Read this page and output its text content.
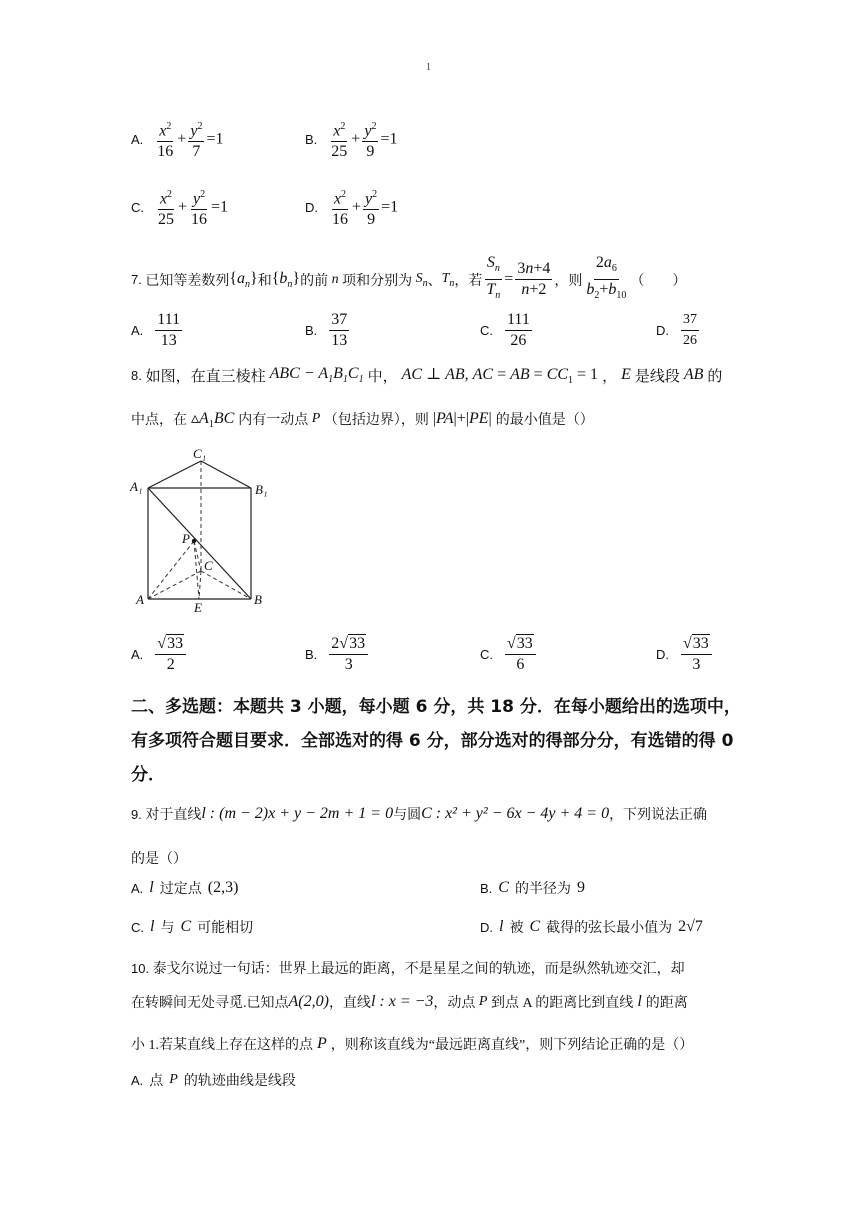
1
A. $\frac{x^2}{16} + \frac{y^2}{7} =1$	B. $\frac{x^2}{25} + \frac{y^2}{9} =1$
C. $\frac{x^2}{25} + \frac{y^2}{16} =1$	D. $\frac{x^2}{16} + \frac{y^2}{9} =1$
7.
已知等差数列 $\{a_n\}$ 和 $\{b_n\}$ 的前 n 项和分别为 $S_n$ 、 $T_n$ ，若 $\frac{S_n}{T_n} = \frac{3n+4}{n+2}$ ，则 $\frac{2a_6}{b_2+b_{10}}$ （　　）
A. $\frac{111}{13}$	B. $\frac{37}{13}$	C. $\frac{111}{26}$	D. $\frac{37}{26}$
8.
如图，在直三棱柱 ABC − $A_1B_1C_1$ 中， AC ⊥ AB, AC = AB = $CC_1 = 1$ ， E 是线段 AB 的
中点，在 $▵A_1BC$ 内有一动点 P （包括边界），则 |PA|+|PE| 的最小值是（）
C₁
A₁	B₁
P
C
A
E
B
A. $\frac{√33}{2}$	B. $\frac{2√33}{3}$	C. $\frac{√33}{6}$	D. $\frac{√33}{3}$
二、多选题：本题共 3 小题，每小题 6 分，共 18 分．在每小题给出的选项中，
有多项符合题目要求．全部选对的得 6 分，部分选对的得部分分，有选错的得 0
分．
9.
对于直线 l : (m − 2)x + y − 2m + 1 = 0 与圆 C : x² + y² − 6x − 4y + 4 = 0 ，下列说法正确
的是（）
A. l 过定点 (2,3)	B. C 的半径为 9
C. l 与 C 可能相切	D. l 被 C 截得的弦长最小值为 2√7
10.
泰戈尔说过一句话：世界上最远的距离，不是星星之间的轨迹，而是纵然轨迹交汇，却
在转瞬间无处寻觅.已知点 A(2,0) ，直线 l : x = −3 ，动点 P 到点 A 的距离比到直线 l 的距离
小 1.若某直线上存在这样的点 P ，则称该直线为“最远距离直线”，则下列结论正确的是（）
A. 点 P 的轨迹曲线是线段
